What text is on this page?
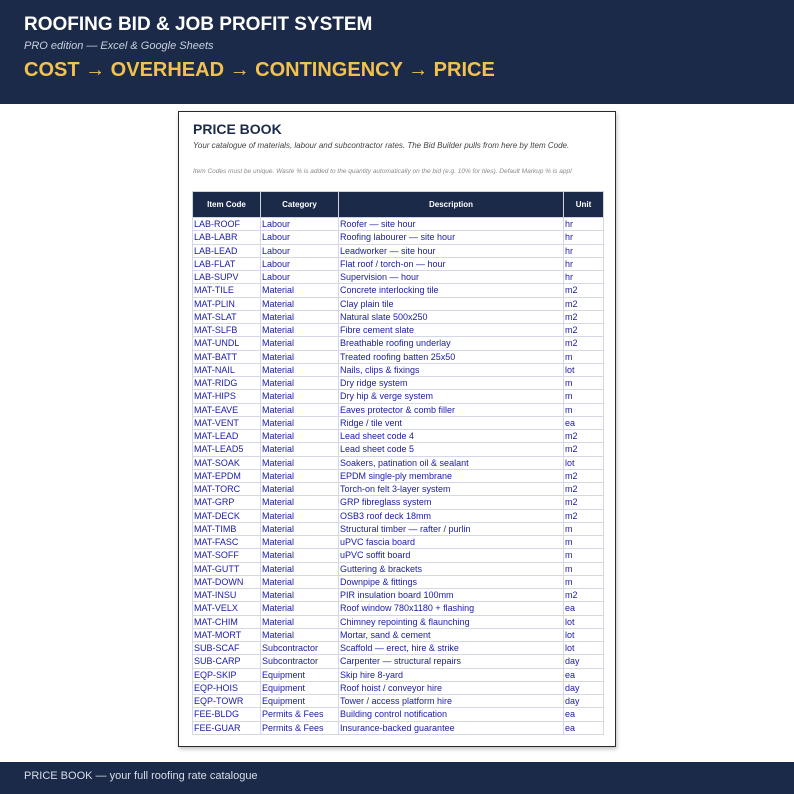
ROOFING BID & JOB PROFIT SYSTEM
PRO edition — Excel & Google Sheets
COST → OVERHEAD → CONTINGENCY → PRICE
PRICE BOOK
Your catalogue of materials, labour and subcontractor rates. The Bid Builder pulls from here by Item Code.
Item Codes must be unique. Waste % is added to the quantity automatically on the bid (e.g. 10% for tiles). Default Markup % is appl
Item Code	Category	Description	Unit
LAB-ROOF	Labour	Roofer — site hour	hr
LAB-LABR	Labour	Roofing labourer — site hour	hr
LAB-LEAD	Labour	Leadworker — site hour	hr
LAB-FLAT	Labour	Flat roof / torch-on — hour	hr
LAB-SUPV	Labour	Supervision — hour	hr
MAT-TILE	Material	Concrete interlocking tile	m2
MAT-PLIN	Material	Clay plain tile	m2
MAT-SLAT	Material	Natural slate 500x250	m2
MAT-SLFB	Material	Fibre cement slate	m2
MAT-UNDL	Material	Breathable roofing underlay	m2
MAT-BATT	Material	Treated roofing batten 25x50	m
MAT-NAIL	Material	Nails, clips & fixings	lot
MAT-RIDG	Material	Dry ridge system	m
MAT-HIPS	Material	Dry hip & verge system	m
MAT-EAVE	Material	Eaves protector & comb filler	m
MAT-VENT	Material	Ridge / tile vent	ea
MAT-LEAD	Material	Lead sheet code 4	m2
MAT-LEAD5	Material	Lead sheet code 5	m2
MAT-SOAK	Material	Soakers, patination oil & sealant	lot
MAT-EPDM	Material	EPDM single-ply membrane	m2
MAT-TORC	Material	Torch-on felt 3-layer system	m2
MAT-GRP	Material	GRP fibreglass system	m2
MAT-DECK	Material	OSB3 roof deck 18mm	m2
MAT-TIMB	Material	Structural timber — rafter / purlin	m
MAT-FASC	Material	uPVC fascia board	m
MAT-SOFF	Material	uPVC soffit board	m
MAT-GUTT	Material	Guttering & brackets	m
MAT-DOWN	Material	Downpipe & fittings	m
MAT-INSU	Material	PIR insulation board 100mm	m2
MAT-VELX	Material	Roof window 780x1180 + flashing	ea
MAT-CHIM	Material	Chimney repointing & flaunching	lot
MAT-MORT	Material	Mortar, sand & cement	lot
SUB-SCAF	Subcontractor	Scaffold — erect, hire & strike	lot
SUB-CARP	Subcontractor	Carpenter — structural repairs	day
EQP-SKIP	Equipment	Skip hire 8-yard	ea
EQP-HOIS	Equipment	Roof hoist / conveyor hire	day
EQP-TOWR	Equipment	Tower / access platform hire	day
FEE-BLDG	Permits & Fees	Building control notification	ea
FEE-GUAR	Permits & Fees	Insurance-backed guarantee	ea
PRICE BOOK — your full roofing rate catalogue
